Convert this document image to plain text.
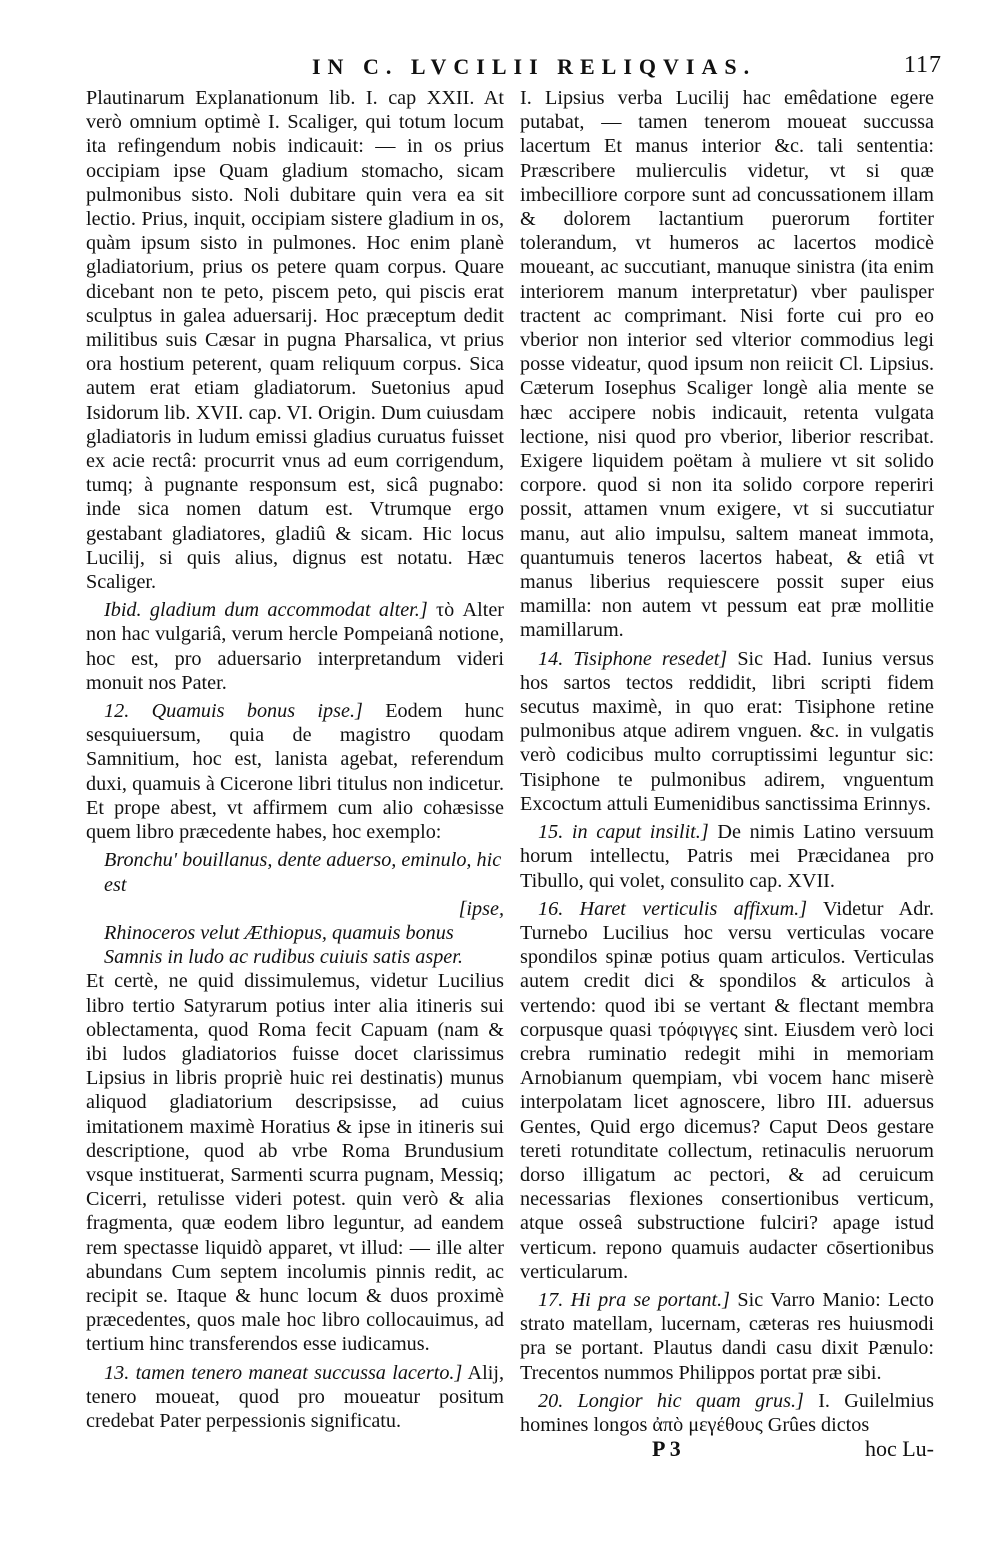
IN C. LVCILII RELIQVIAS.	117

Plautinarum Explanationum lib. I. cap XXII. At verò omnium optimè I. Scaliger, qui totum locum ita refingendum nobis indicauit: — in os prius occipiam ipse Quam gladium stomacho, sicam pulmonibus sisto. Noli dubitare quin vera ea sit lectio. Prius, inquit, occipiam sistere gladium in os, quàm ipsum sisto in pulmones. Hoc enim planè gladiatorium, prius os petere quam corpus. Quare dicebant non te peto, piscem peto, qui piscis erat sculptus in galea aduersarij. Hoc præceptum dedit militibus suis Cæsar in pugna Pharsalica, vt prius ora hostium peterent, quam reliquum corpus. Sica autem erat etiam gladiatorum. Suetonius apud Isidorum lib. XVII. cap. VI. Origin. Dum cuiusdam gladiatoris in ludum emissi gladius curuatus fuisset ex acie rectâ: procurrit vnus ad eum corrigendum, tumq; à pugnante responsum est, sicâ pugnabo: inde sica nomen datum est. Vtrumque ergo gestabant gladiatores, gladiû & sicam. Hic locus Lucilij, si quis alius, dignus est notatu. Hæc Scaliger.

Ibid. gladium dum accommodat alter.] τὸ Alter non hac vulgariâ, verum hercle Pompeianâ notione, hoc est, pro aduersario interpretandum videri monuit nos Pater.

12. Quamuis bonus ipse.] Eodem hunc sesquiuersum, quia de magistro quodam Samnitium, hoc est, lanista agebat, referendum duxi, quamuis à Cicerone libri titulus non indicetur. Et prope abest, vt affirmem cum alio cohæsisse quem libro præcedente habes, hoc exemplo:

Bronchu' bouillanus, dente aduerso, eminulo, hic est
[ipse,
Rhinoceros velut Æthiopus, quamuis bonus
Samnis in ludo ac rudibus cuiuis satis asper.

Et certè, ne quid dissimulemus, videtur Lucilius libro tertio Satyrarum potius inter alia itineris sui oblectamenta, quod Roma fecit Capuam (nam & ibi ludos gladiatorios fuisse docet clarissimus Lipsius in libris propriè huic rei destinatis) munus aliquod gladiatorium descripsisse, ad cuius imitationem maximè Horatius & ipse in itineris sui descriptione, quod ab vrbe Roma Brundusium vsque instituerat, Sarmenti scurra pugnam, Messiq; Cicerri, retulisse videri potest. quin verò & alia fragmenta, quæ eodem libro leguntur, ad eandem rem spectasse liquidò apparet, vt illud: — ille alter abundans Cum septem incolumis pinnis redit, ac recipit se. Itaque & hunc locum & duos proximè præcedentes, quos male hoc libro collocauimus, ad tertium hinc transferendos esse iudicamus.

13. tamen tenero maneat succussa lacerto.] Alij, tenero moueat, quod pro moueatur positum credebat Pater perpessionis significatu.

I. Lipsius verba Lucilij hac emêdatione egere putabat, — tamen tenerom moueat succussa lacertum Et manus interior &c. tali sententia: Præscribere mulierculis videtur, vt si quæ imbecilliore corpore sunt ad concussationem illam & dolorem lactantium puerorum fortiter tolerandum, vt humeros ac lacertos modicè moueant, ac succutiant, manuque sinistra (ita enim interiorem manum interpretatur) vber paulisper tractent ac comprimant. Nisi forte cui pro eo vberior non interior sed vlterior commodius legi posse videatur, quod ipsum non reiicit Cl. Lipsius. Cæterum Iosephus Scaliger longè alia mente se hæc accipere nobis indicauit, retenta vulgata lectione, nisi quod pro vberior, liberior rescribat. Exigere liquidem poëtam à muliere vt sit solido corpore. quod si non ita solido corpore reperiri possit, attamen vnum exigere, vt si succutiatur manu, aut alio impulsu, saltem maneat immota, quantumuis teneros lacertos habeat, & etiâ vt manus liberius requiescere possit super eius mamilla: non autem vt pessum eat præ mollitie mamillarum.

14. Tisiphone resedet] Sic Had. Iunius versus hos sartos tectos reddidit, libri scripti fidem secutus maximè, in quo erat: Tisiphone retine pulmonibus atque adirem vnguen. &c. in vulgatis verò codicibus multo corruptissimi leguntur sic: Tisiphone te pulmonibus adirem, vnguentum Excoctum attuli Eumenidibus sanctissima Erinnys.

15. in caput insilit.] De nimis Latino versuum horum intellectu, Patris mei Præcidanea pro Tibullo, qui volet, consulito cap. XVII.

16. Haret verticulis affixum.] Videtur Adr. Turnebo Lucilius hoc versu verticulas vocare spondilos spinæ potius quam articulos. Verticulas autem credit dici & spondilos & articulos à vertendo: quod ibi se vertant & flectant membra corpusque quasi τρόφιγγες sint. Eiusdem verò loci crebra ruminatio redegit mihi in memoriam Arnobianum quempiam, vbi vocem hanc miserè interpolatam licet agnoscere, libro III. aduersus Gentes, Quid ergo dicemus? Caput Deos gestare tereti rotunditate collectum, retinaculis neruorum dorso illigatum ac pectori, & ad ceruicum necessarias flexiones consertionibus verticum, atque osseâ substructione fulciri? apage istud verticum. repono quamuis audacter cōsertionibus verticularum.

17. Hi pra se portant.] Sic Varro Manio: Lecto strato matellam, lucernam, cæteras res huiusmodi pra se portant. Plautus dandi casu dixit Pænulo: Trecentos nummos Philippos portat præ sibi.

20. Longior hic quam grus.] I. Guilelmius homines longos ἀπὸ μεγέθους Grûes dictos

P 3	hoc Lu-
